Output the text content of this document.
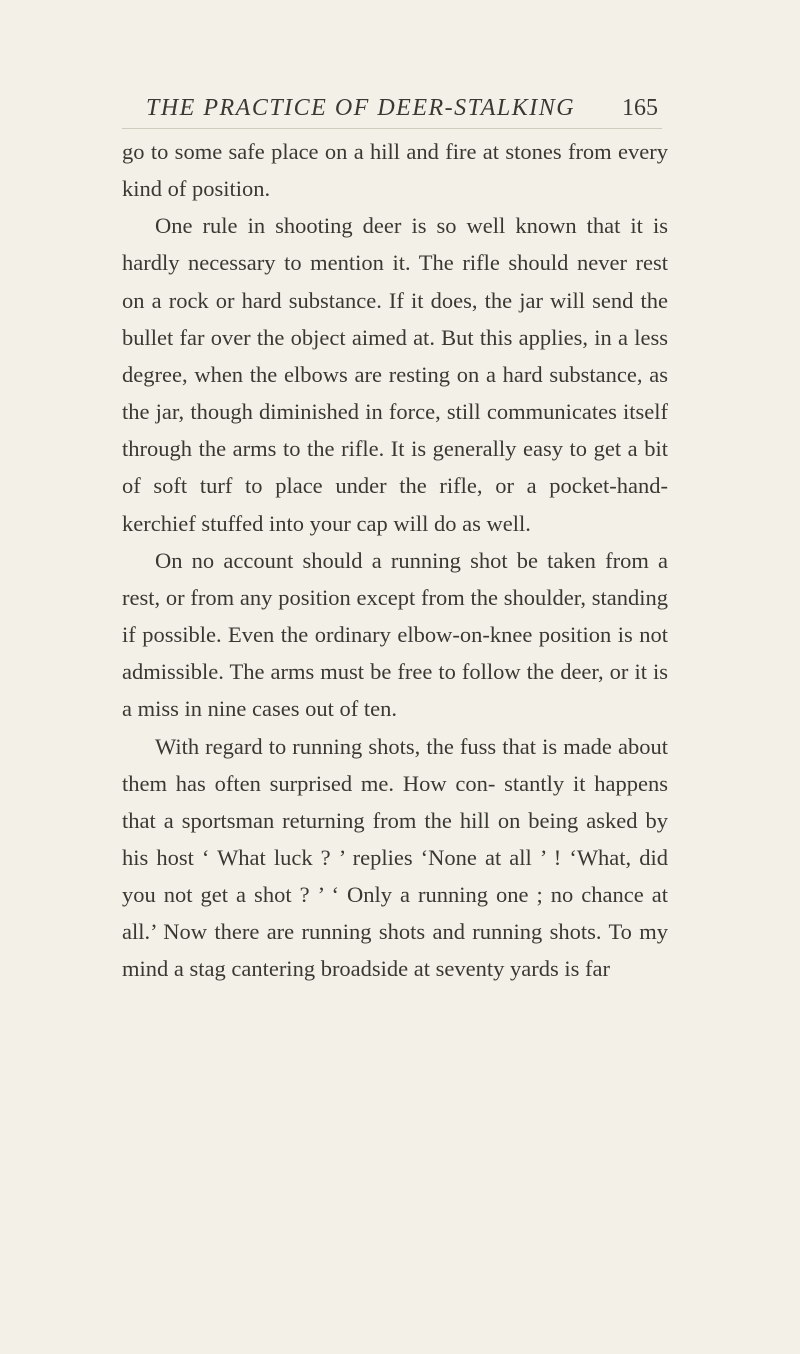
THE PRACTICE OF DEER-STALKING 165

go to some safe place on a hill and fire at stones from every kind of position.

One rule in shooting deer is so well known that it is hardly necessary to mention it. The rifle should never rest on a rock or hard substance. If it does, the jar will send the bullet far over the object aimed at. But this applies, in a less degree, when the elbows are resting on a hard substance, as the jar, though diminished in force, still communicates itself through the arms to the rifle. It is generally easy to get a bit of soft turf to place under the rifle, or a pocket-hand- kerchief stuffed into your cap will do as well.

On no account should a running shot be taken from a rest, or from any position except from the shoulder, standing if possible. Even the ordinary elbow-on-knee position is not admissible. The arms must be free to follow the deer, or it is a miss in nine cases out of ten.

With regard to running shots, the fuss that is made about them has often surprised me. How con- stantly it happens that a sportsman returning from the hill on being asked by his host ‘ What luck ? ’ replies ‘None at all ’ ! ‘What, did you not get a shot ? ’ ‘ Only a running one ; no chance at all.’ Now there are running shots and running shots. To my mind a stag cantering broadside at seventy yards is far
